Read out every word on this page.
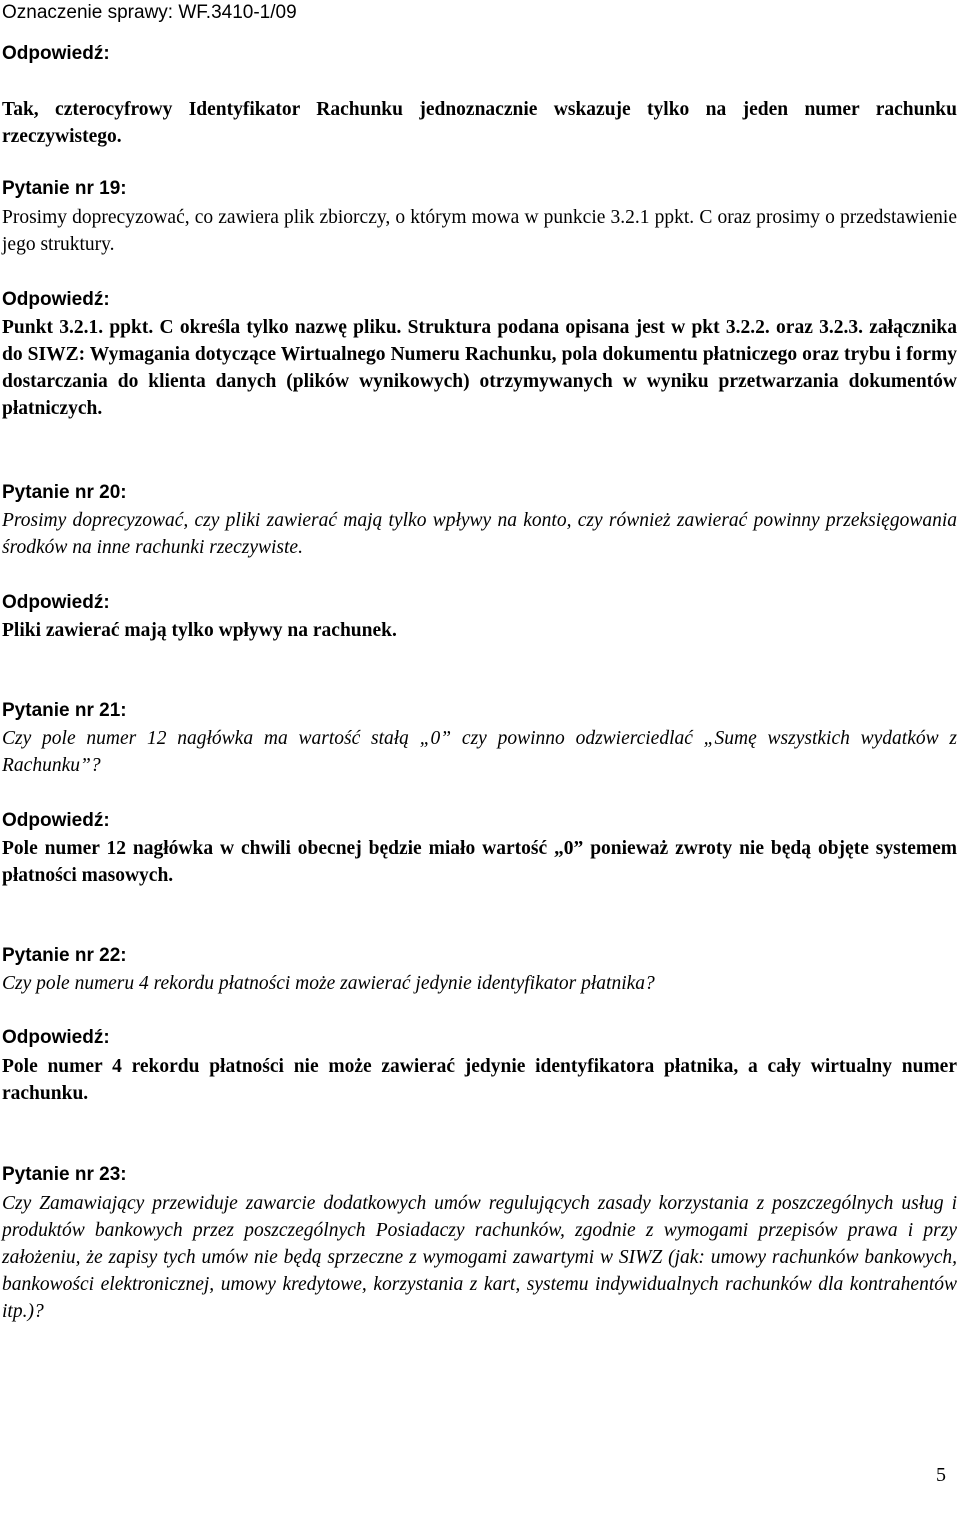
Oznaczenie sprawy: WF.3410-1/09
Odpowiedź:
Tak, czterocyfrowy Identyfikator Rachunku jednoznacznie wskazuje tylko na jeden numer rachunku rzeczywistego.
Pytanie nr 19:
Prosimy doprecyzować, co zawiera plik zbiorczy, o którym mowa w punkcie 3.2.1 ppkt. C oraz prosimy o przedstawienie jego struktury.
Odpowiedź:
Punkt 3.2.1. ppkt. C określa tylko nazwę pliku. Struktura podana opisana jest w pkt 3.2.2. oraz 3.2.3. załącznika do SIWZ: Wymagania dotyczące Wirtualnego Numeru Rachunku, pola dokumentu płatniczego oraz trybu i formy dostarczania do klienta danych (plików wynikowych) otrzymywanych w wyniku przetwarzania dokumentów płatniczych.
Pytanie nr 20:
Prosimy doprecyzować, czy pliki zawierać mają tylko wpływy na konto, czy również zawierać powinny przeksięgowania środków na inne rachunki rzeczywiste.
Odpowiedź:
Pliki zawierać mają tylko wpływy na rachunek.
Pytanie nr 21:
Czy pole numer 12 nagłówka ma wartość stałą „0” czy powinno odzwierciedlać „Sumę wszystkich wydatków z Rachunku”?
Odpowiedź:
Pole numer 12 nagłówka w chwili obecnej będzie miało wartość „0” ponieważ zwroty nie będą objęte systemem płatności masowych.
Pytanie nr 22:
Czy pole numeru 4 rekordu płatności może zawierać jedynie identyfikator płatnika?
Odpowiedź:
Pole numer 4 rekordu płatności nie może zawierać jedynie identyfikatora płatnika, a cały wirtualny numer rachunku.
Pytanie nr 23:
Czy Zamawiający przewiduje zawarcie dodatkowych umów regulujących zasady korzystania z poszczególnych usług i produktów bankowych przez poszczególnych Posiadaczy rachunków, zgodnie z wymogami przepisów prawa i przy założeniu, że zapisy tych umów nie będą sprzeczne z wymogami zawartymi w SIWZ (jak: umowy rachunków bankowych, bankowości elektronicznej, umowy kredytowe, korzystania z kart, systemu indywidualnych rachunków dla kontrahentów itp.)?
5
